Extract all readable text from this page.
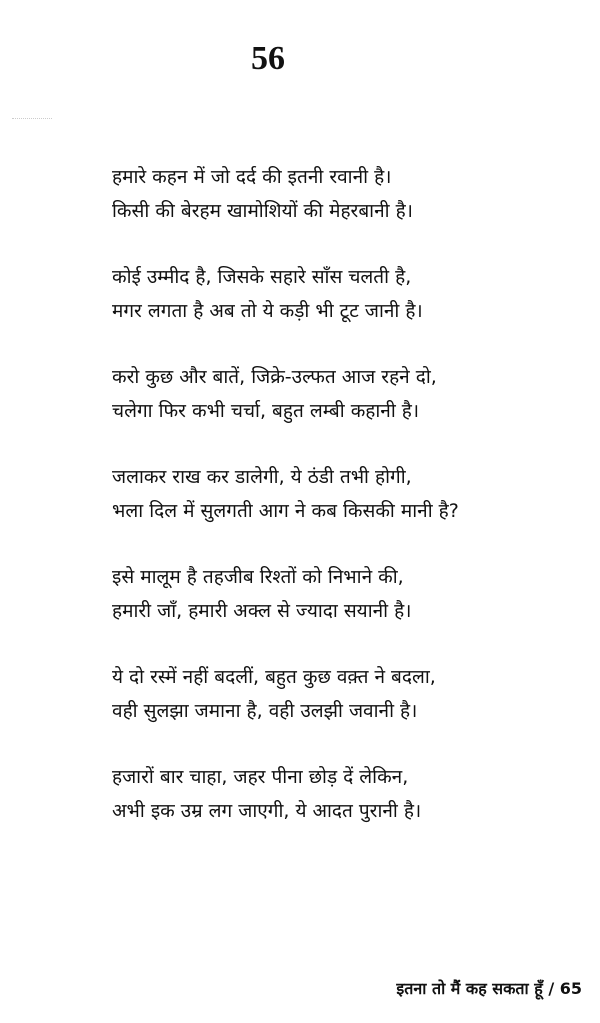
56
हमारे कहन में जो दर्द की इतनी रवानी है।
किसी की बेरहम खामोशियों की मेहरबानी है।
कोई उम्मीद है, जिसके सहारे साँस चलती है,
मगर लगता है अब तो ये कड़ी भी टूट जानी है।
करो कुछ और बातें, जिक्रे-उल्फत आज रहने दो,
चलेगा फिर कभी चर्चा, बहुत लम्बी कहानी है।
जलाकर राख कर डालेगी, ये ठंडी तभी होगी,
भला दिल में सुलगती आग ने कब किसकी मानी है?
इसे मालूम है तहजीब रिश्तों को निभाने की,
हमारी जाँ, हमारी अक्ल से ज्यादा सयानी है।
ये दो रस्में नहीं बदलीं, बहुत कुछ वक़्त ने बदला,
वही सुलझा जमाना है, वही उलझी जवानी है।
हजारों बार चाहा, जहर पीना छोड़ दें लेकिन,
अभी इक उम्र लग जाएगी, ये आदत पुरानी है।
इतना तो मैं कह सकता हूँ / 65
